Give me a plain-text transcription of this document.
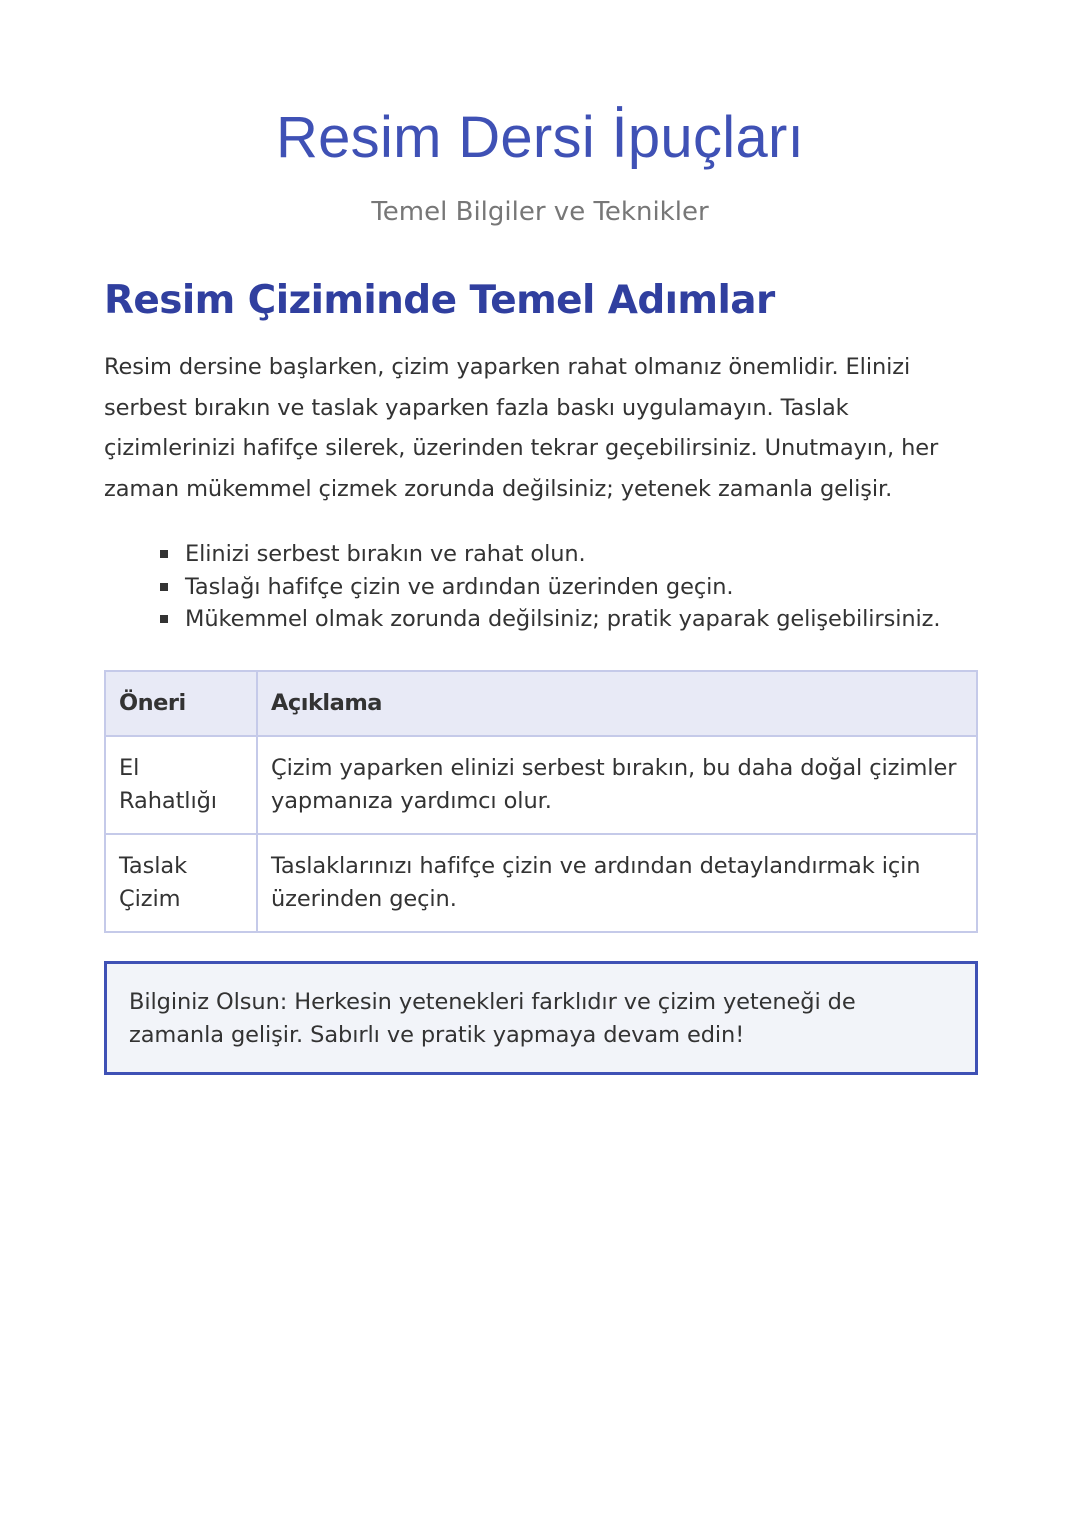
Resim Dersi İpuçları
Temel Bilgiler ve Teknikler
Resim Çiziminde Temel Adımlar

Resim dersine başlarken, çizim yaparken rahat olmanız önemlidir. Elinizi serbest bırakın ve taslak yaparken fazla baskı uygulamayın. Taslak çizimlerinizi hafifçe silerek, üzerinden tekrar geçebilirsiniz. Unutmayın, her zaman mükemmel çizmek zorunda değilsiniz; yetenek zamanla gelişir.

Elinizi serbest bırakın ve rahat olun.
Taslağı hafifçe çizin ve ardından üzerinden geçin.
Mükemmel olmak zorunda değilsiniz; pratik yaparak gelişebilirsiniz.
Öneri	Açıklama
El Rahatlığı	Çizim yaparken elinizi serbest bırakın, bu daha doğal çizimler yapmanıza yardımcı olur.
Taslak Çizim	Taslaklarınızı hafifçe çizin ve ardından detaylandırmak için üzerinden geçin.
Bilginiz Olsun: Herkesin yetenekleri farklıdır ve çizim yeteneği de zamanla gelişir. Sabırlı ve pratik yapmaya devam edin!
